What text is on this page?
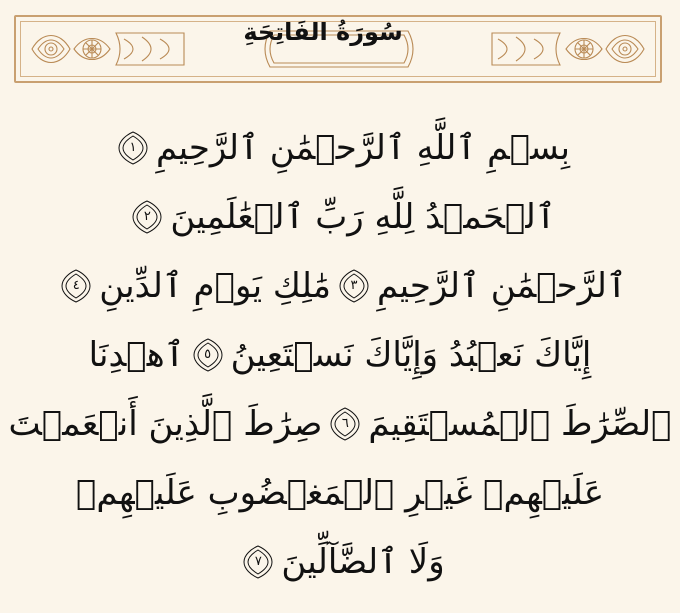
سُورَةُ الفَاتِحَةِ
بِسۡمِ ٱللَّهِ ٱلرَّحۡمَٰنِ ٱلرَّحِيمِ
١
ٱلۡحَمۡدُ لِلَّهِ رَبِّ ٱلۡعَٰلَمِينَ
٢
ٱلرَّحۡمَٰنِ ٱلرَّحِيمِ
٣
مَٰلِكِ يَوۡمِ ٱلدِّينِ
٤
إِيَّاكَ نَعۡبُدُ وَإِيَّاكَ نَسۡتَعِينُ
٥
ٱهۡدِنَا
ٱلصِّرَٰطَ ٱلۡمُسۡتَقِيمَ
٦
صِرَٰطَ ٱلَّذِينَ أَنۡعَمۡتَ
عَلَيۡهِمۡ غَيۡرِ ٱلۡمَغۡضُوبِ عَلَيۡهِمۡ
وَلَا ٱلضَّآلِّينَ
٧
